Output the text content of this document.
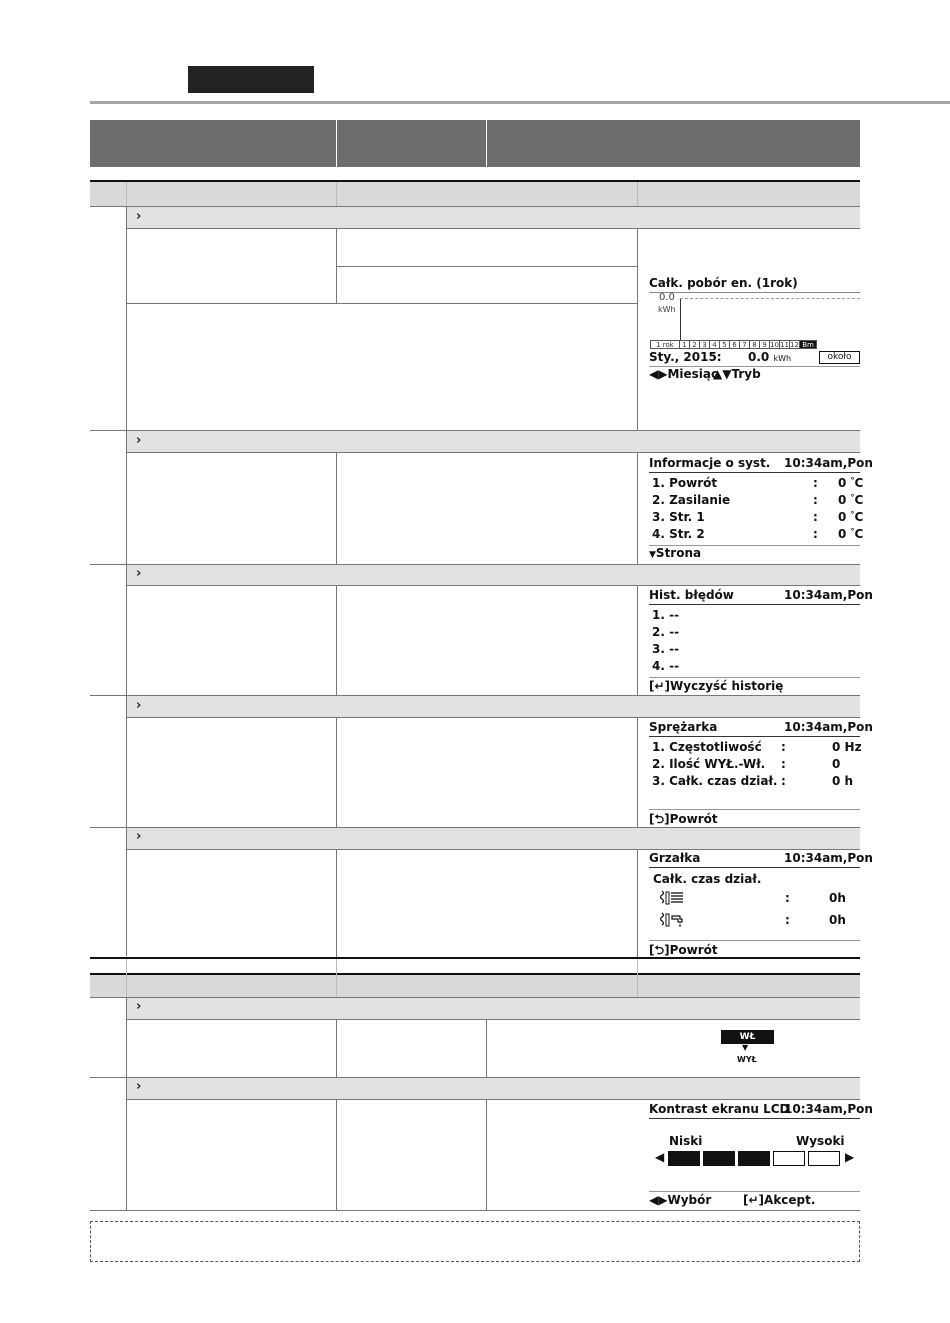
›
Całk. pobór en. (1rok)
0.0
kWh
1 rok	1 2 3 4 5 6 7 8 9 10 11 12 Bm
Sty., 2015: 0.0 kWh	około
◀▶Miesiąc
▲▼Tryb
›
Informacje o syst. 10:34am,Pon
1. Powrót	: 0 °C
2. Zasilanie	: 0 °C
3. Str. 1	: 0 °C
4. Str. 2	: 0 °C
▼Strona
›
Hist. błędów	10:34am,Pon
1. --
2. --
3. --
4. --
[↵]Wyczyść historię
›
Sprężarka	10:34am,Pon
1. Częstotliwość :	0 Hz
2. Ilość WYŁ.-Wł. :	0
3. Całk. czas dział. :	0 h
[⮌]Powrót
›
Grzałka	10:34am,Pon
Całk. czas dział.
:	0h
:	0h
[⮌]Powrót
›
WŁ
▼
WYŁ
›
Kontrast ekranu LCD
10:34am,Pon
Niski	Wysoki
◀	▶
◀▶Wybór	[↵]Akcept.
